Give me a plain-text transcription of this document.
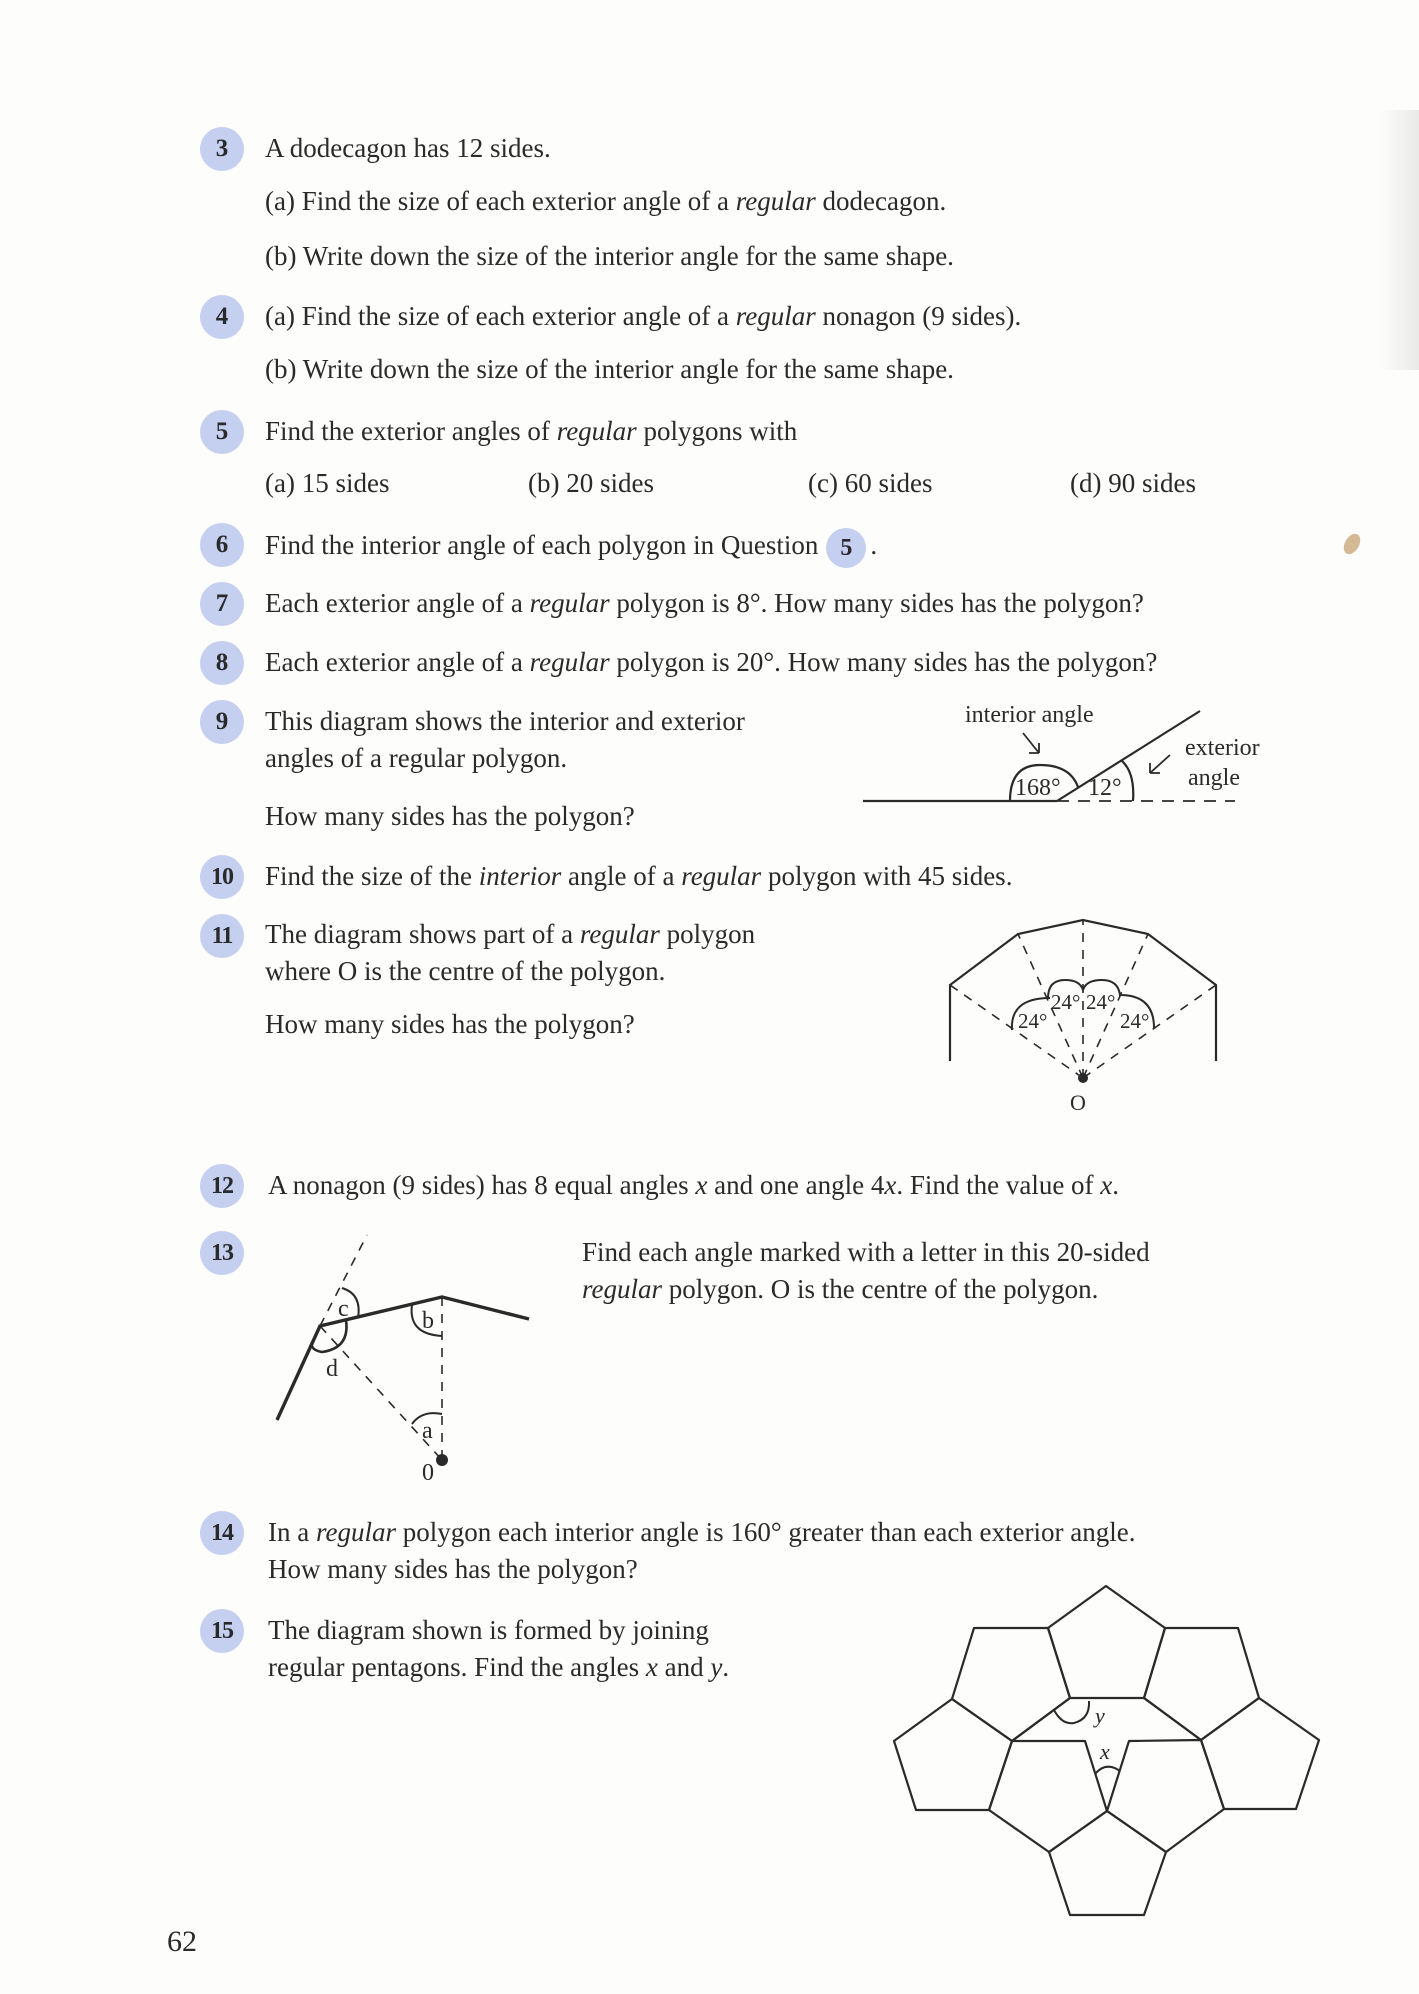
3 A dodecagon has 12 sides.
(a) Find the size of each exterior angle of a regular dodecagon.
(b) Write down the size of the interior angle for the same shape.
4 (a) Find the size of each exterior angle of a regular nonagon (9 sides).
(b) Write down the size of the interior angle for the same shape.
5 Find the exterior angles of regular polygons with
(a) 15 sides	(b) 20 sides	(c) 60 sides	(d) 90 sides
6 Find the interior angle of each polygon in Question 5 .
7 Each exterior angle of a regular polygon is 8°. How many sides has the polygon?
8 Each exterior angle of a regular polygon is 20°. How many sides has the polygon?
9 This diagram shows the interior and exterior
angles of a regular polygon.
How many sides has the polygon?
interior angle
exterior
angle
168° 12°
10 Find the size of the interior angle of a regular polygon with 45 sides.
11 The diagram shows part of a regular polygon
where O is the centre of the polygon.
How many sides has the polygon?	24°
24° 24°
24°
O
12 A nonagon (9 sides) has 8 equal angles x and one angle 4x. Find the value of x.
13	Find each angle marked with a letter in this 20-sided
regular polygon. O is the centre of the polygon.
a
b
c
d
0
14 In a regular polygon each interior angle is 160° greater than each exterior angle.
How many sides has the polygon?
15 The diagram shown is formed by joining
regular pentagons. Find the angles x and y.
y
x
62
